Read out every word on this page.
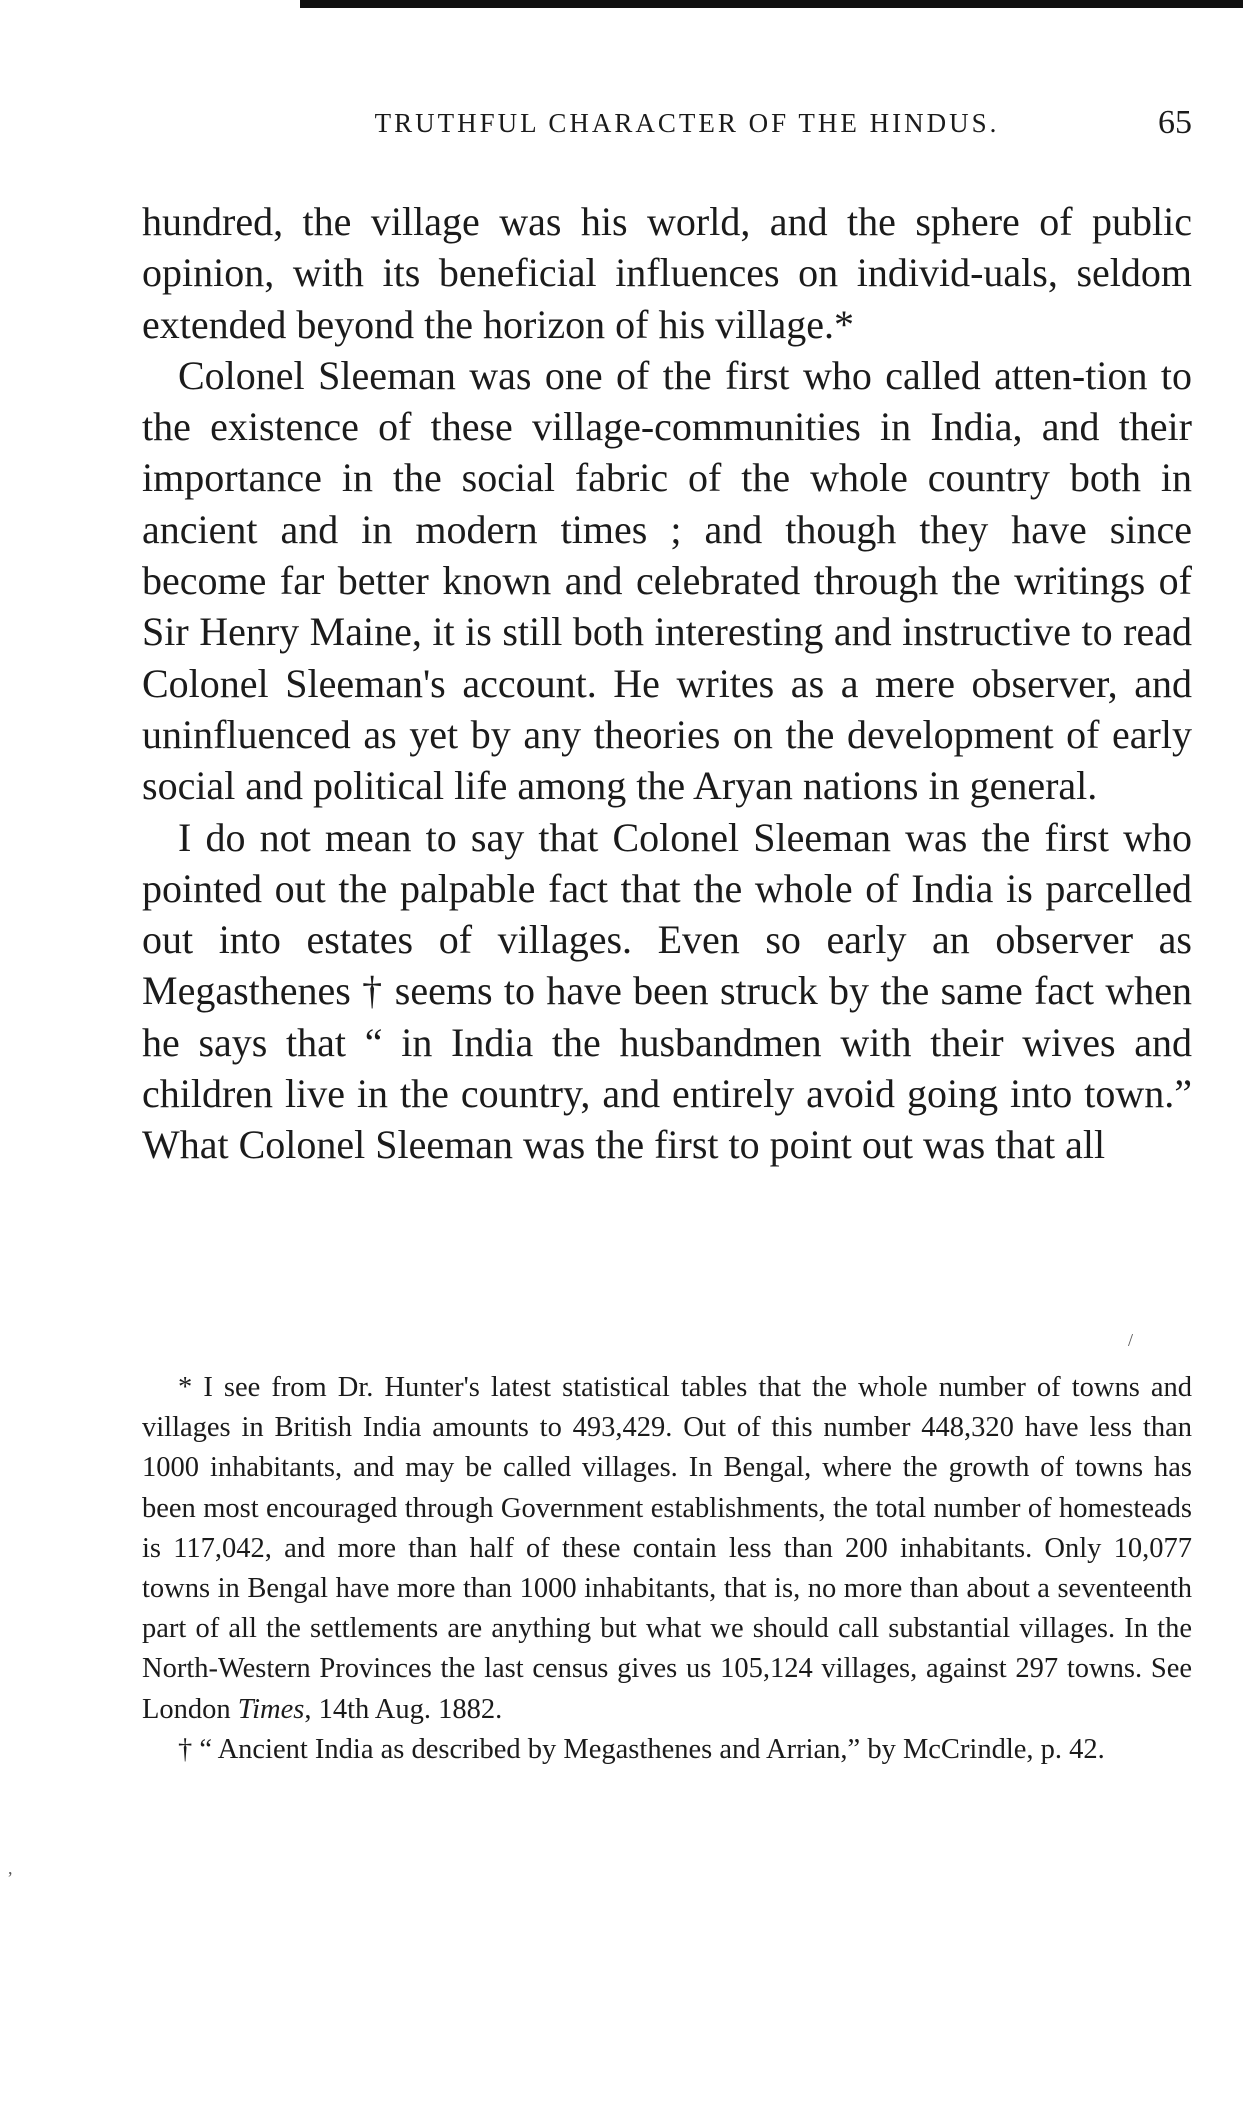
TRUTHFUL CHARACTER OF THE HINDUS.	65

hundred, the village was his world, and the sphere of public opinion, with its beneficial influences on individ-uals, seldom extended beyond the horizon of his village.*

Colonel Sleeman was one of the first who called atten-tion to the existence of these village-communities in India, and their importance in the social fabric of the whole country both in ancient and in modern times ; and though they have since become far better known and celebrated through the writings of Sir Henry Maine, it is still both interesting and instructive to read Colonel Sleeman's account. He writes as a mere observer, and uninfluenced as yet by any theories on the development of early social and political life among the Aryan nations in general.

I do not mean to say that Colonel Sleeman was the first who pointed out the palpable fact that the whole of India is parcelled out into estates of villages. Even so early an observer as Megasthenes † seems to have been struck by the same fact when he says that “ in India the husbandmen with their wives and children live in the country, and entirely avoid going into town.” What Colonel Sleeman was the first to point out was that all

* I see from Dr. Hunter's latest statistical tables that the whole number of towns and villages in British India amounts to 493,429. Out of this number 448,320 have less than 1000 inhabitants, and may be called villages. In Bengal, where the growth of towns has been most encouraged through Government establishments, the total number of homesteads is 117,042, and more than half of these contain less than 200 inhabitants. Only 10,077 towns in Bengal have more than 1000 inhabitants, that is, no more than about a seventeenth part of all the settlements are anything but what we should call substantial villages. In the North-Western Provinces the last census gives us 105,124 villages, against 297 towns. See London Times, 14th Aug. 1882.

† “ Ancient India as described by Megasthenes and Arrian,” by McCrindle, p. 42.

/
,
